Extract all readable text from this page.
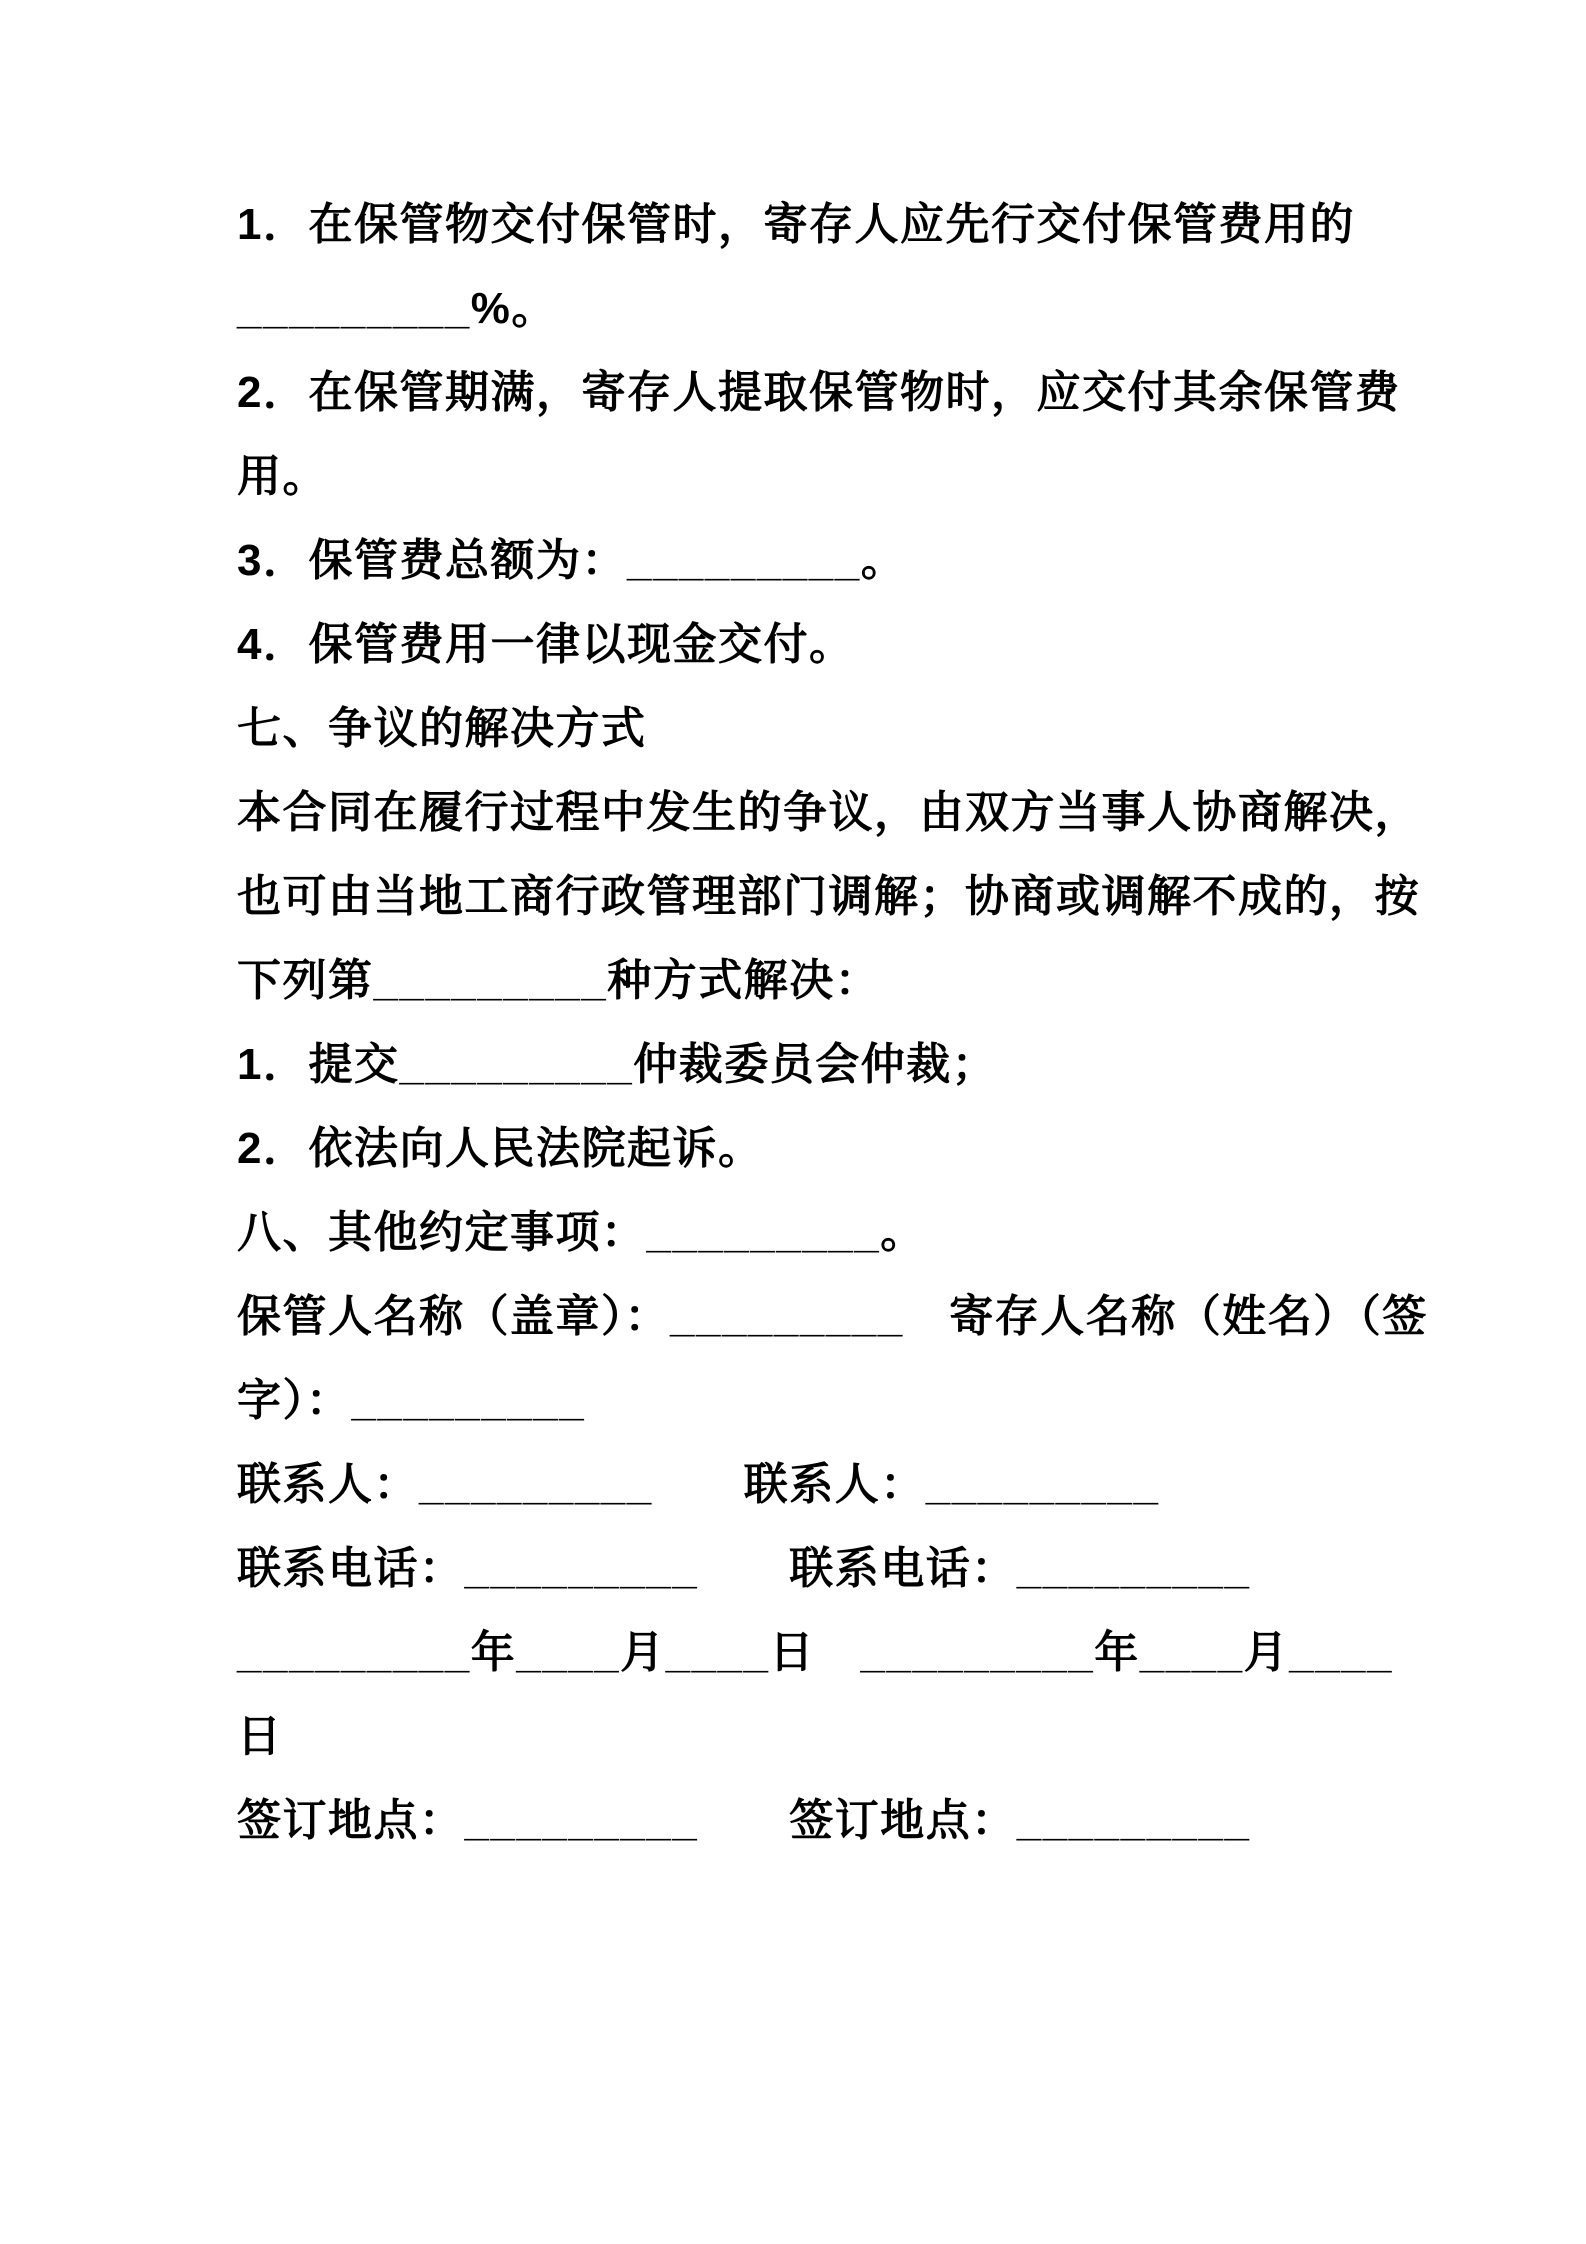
1．在保管物交付保管时，寄存人应先行交付保管费用的
_________%。
2．在保管期满，寄存人提取保管物时，应交付其余保管费
用。
3．保管费总额为：_________。
4．保管费用一律以现金交付。
七、争议的解决方式
本合同在履行过程中发生的争议，由双方当事人协商解决，
也可由当地工商行政管理部门调解；协商或调解不成的，按
下列第_________种方式解决：
1．提交_________仲裁委员会仲裁；
2．依法向人民法院起诉。
八、其他约定事项：_________。
保管人名称（盖章）：_________　寄存人名称（姓名）（签
字）：_________
联系人：_________　　联系人：_________
联系电话：_________　　联系电话：_________
_________年____月____日　_________年____月____
日
签订地点：_________　　签订地点：_________
